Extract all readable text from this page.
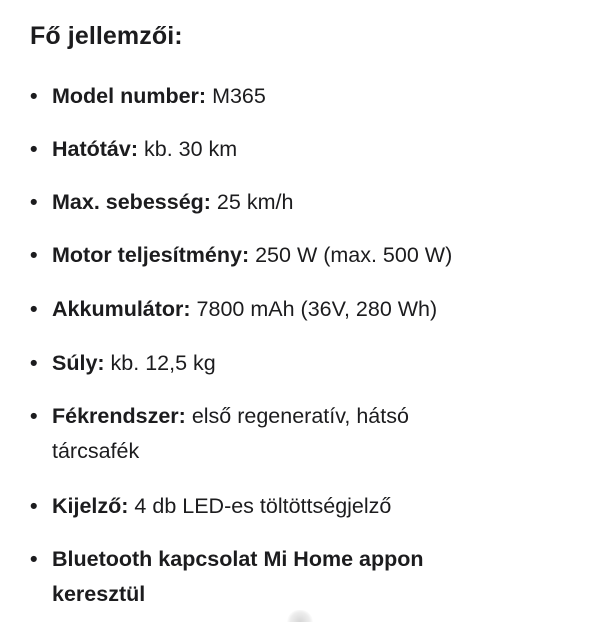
Fő jellemzői:
• Model number: M365
• Hatótáv: kb. 30 km
• Max. sebesség: 25 km/h
• Motor teljesítmény: 250 W (max. 500 W)
• Akkumulátor: 7800 mAh (36V, 280 Wh)
• Súly: kb. 12,5 kg
• Fékrendszer: első regeneratív, hátsó tárcsafék
• Kijelző: 4 db LED-es töltöttségjelző
• Bluetooth kapcsolat Mi Home appon keresztül
